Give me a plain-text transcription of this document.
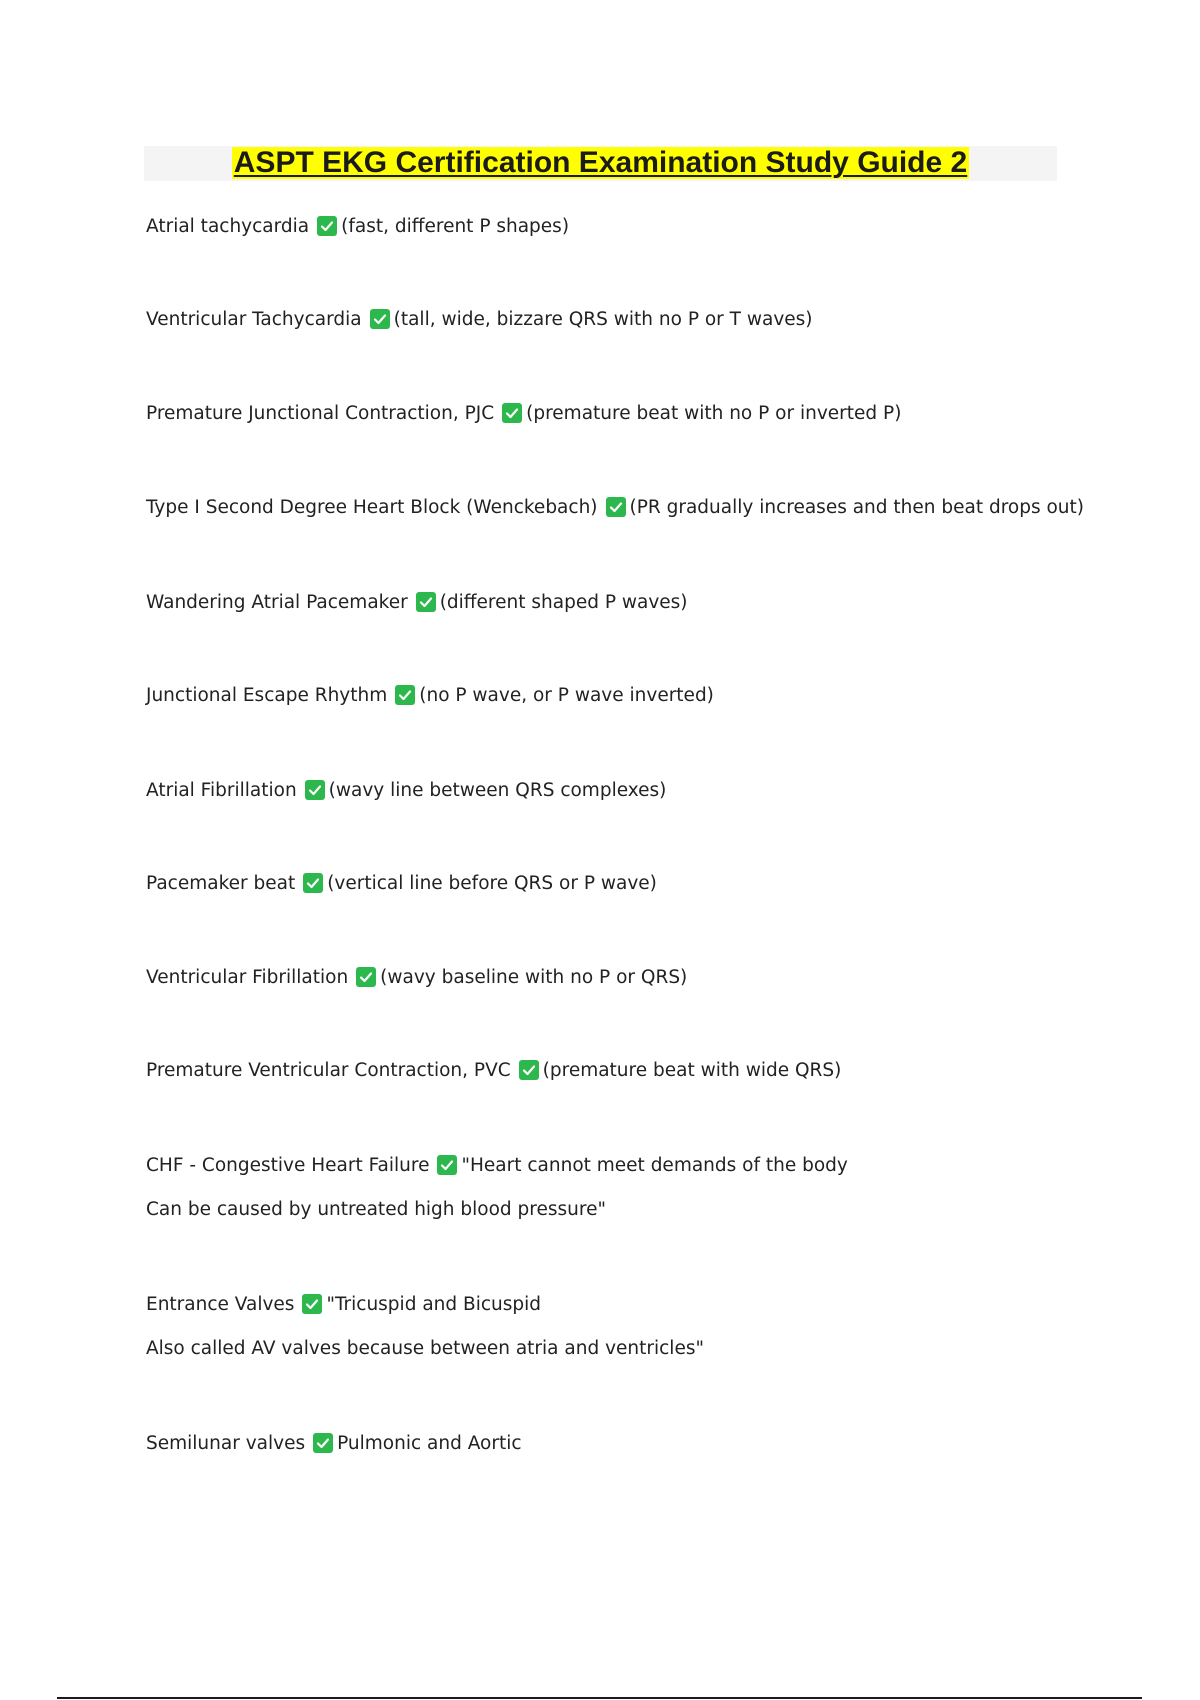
ASPT EKG Certification Examination Study Guide 2
Atrial tachycardia (fast, different P shapes)
Ventricular Tachycardia (tall, wide, bizzare QRS with no P or T waves)
Premature Junctional Contraction, PJC (premature beat with no P or inverted P)
Type I Second Degree Heart Block (Wenckebach) (PR gradually increases and then beat drops out)
Wandering Atrial Pacemaker (different shaped P waves)
Junctional Escape Rhythm (no P wave, or P wave inverted)
Atrial Fibrillation (wavy line between QRS complexes)
Pacemaker beat (vertical line before QRS or P wave)
Ventricular Fibrillation (wavy baseline with no P or QRS)
Premature Ventricular Contraction, PVC (premature beat with wide QRS)
CHF - Congestive Heart Failure "Heart cannot meet demands of the body
Can be caused by untreated high blood pressure"
Entrance Valves "Tricuspid and Bicuspid
Also called AV valves because between atria and ventricles"
Semilunar valves Pulmonic and Aortic
